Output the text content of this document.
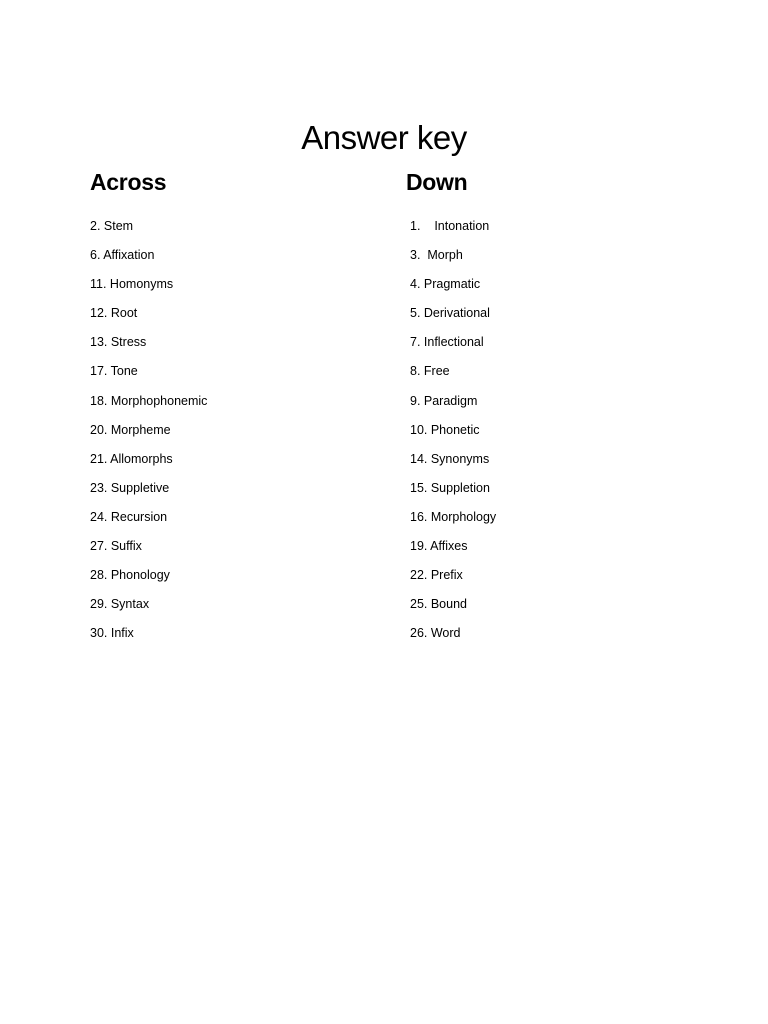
Answer key
Across
2. Stem
6. Affixation
11. Homonyms
12. Root
13. Stress
17. Tone
18. Morphophonemic
20. Morpheme
21. Allomorphs
23. Suppletive
24. Recursion
27. Suffix
28. Phonology
29. Syntax
30. Infix
Down
1.    Intonation
3.  Morph
4. Pragmatic
5. Derivational
7. Inflectional
8. Free
9. Paradigm
10. Phonetic
14. Synonyms
15. Suppletion
16. Morphology
19. Affixes
22. Prefix
25. Bound
26. Word
